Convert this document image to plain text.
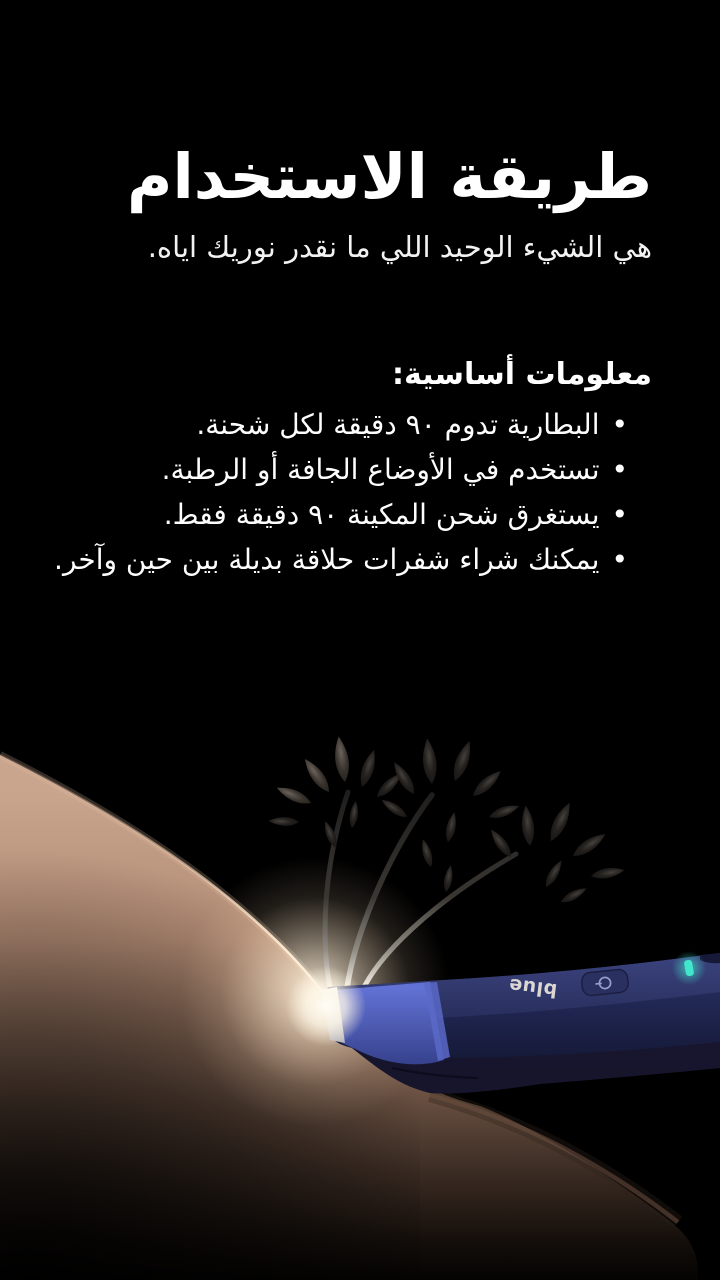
طريقة الاستخدام

هي الشيء الوحيد اللي ما نقدر نوريك اياه.

معلومات أساسية:
•
البطارية تدوم ٩٠ دقيقة لكل شحنة.
•
تستخدم في الأوضاع الجافة أو الرطبة.
•
يستغرق شحن المكينة ٩٠ دقيقة فقط.
•
يمكنك شراء شفرات حلاقة بديلة بين حين وآخر.
blue
